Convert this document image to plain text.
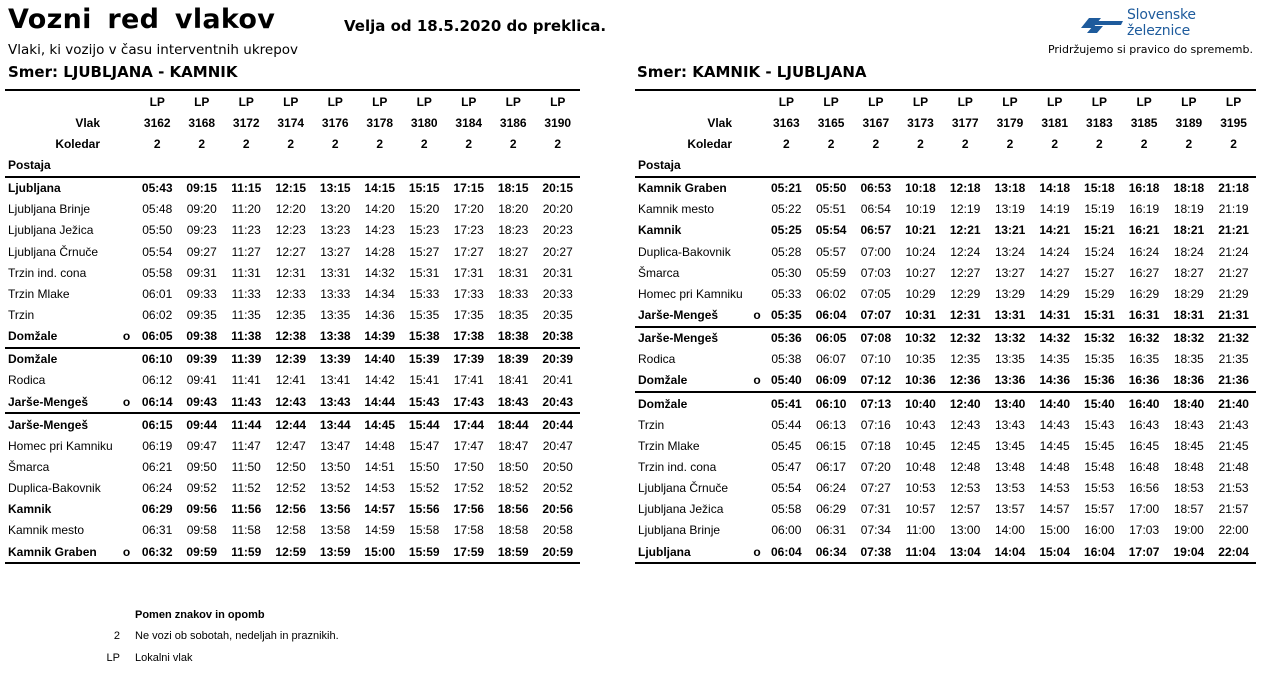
Vozni red vlakov	Velja od 18.5.2020 do preklica.
Vlaki, ki vozijo v času interventnih ukrepov
Slovenske železnice
Pridržujemo si pravico do sprememb.
Smer: LJUBLJANA - KAMNIK	Smer: KAMNIK - LJUBLJANA
		LP	LP	LP	LP	LP	LP	LP	LP	LP	LP
Vlak		3162	3168	3172	3174	3176	3178	3180	3184	3186	3190
Koledar		2	2	2	2	2	2	2	2	2	2
Postaja											
Ljubljana		05:43	09:15	11:15	12:15	13:15	14:15	15:15	17:15	18:15	20:15
Ljubljana Brinje		05:48	09:20	11:20	12:20	13:20	14:20	15:20	17:20	18:20	20:20
Ljubljana Ježica		05:50	09:23	11:23	12:23	13:23	14:23	15:23	17:23	18:23	20:23
Ljubljana Črnuče		05:54	09:27	11:27	12:27	13:27	14:28	15:27	17:27	18:27	20:27
Trzin ind. cona		05:58	09:31	11:31	12:31	13:31	14:32	15:31	17:31	18:31	20:31
Trzin Mlake		06:01	09:33	11:33	12:33	13:33	14:34	15:33	17:33	18:33	20:33
Trzin		06:02	09:35	11:35	12:35	13:35	14:36	15:35	17:35	18:35	20:35
Domžale	o	06:05	09:38	11:38	12:38	13:38	14:39	15:38	17:38	18:38	20:38
Domžale		06:10	09:39	11:39	12:39	13:39	14:40	15:39	17:39	18:39	20:39
Rodica		06:12	09:41	11:41	12:41	13:41	14:42	15:41	17:41	18:41	20:41
Jarše-Mengeš	o	06:14	09:43	11:43	12:43	13:43	14:44	15:43	17:43	18:43	20:43
Jarše-Mengeš		06:15	09:44	11:44	12:44	13:44	14:45	15:44	17:44	18:44	20:44
Homec pri Kamniku		06:19	09:47	11:47	12:47	13:47	14:48	15:47	17:47	18:47	20:47
Šmarca		06:21	09:50	11:50	12:50	13:50	14:51	15:50	17:50	18:50	20:50
Duplica-Bakovnik		06:24	09:52	11:52	12:52	13:52	14:53	15:52	17:52	18:52	20:52
Kamnik		06:29	09:56	11:56	12:56	13:56	14:57	15:56	17:56	18:56	20:56
Kamnik mesto		06:31	09:58	11:58	12:58	13:58	14:59	15:58	17:58	18:58	20:58
Kamnik Graben	o	06:32	09:59	11:59	12:59	13:59	15:00	15:59	17:59	18:59	20:59
		LP	LP	LP	LP	LP	LP	LP	LP	LP	LP	LP
Vlak		3163	3165	3167	3173	3177	3179	3181	3183	3185	3189	3195
Koledar		2	2	2	2	2	2	2	2	2	2	2
Postaja												
Kamnik Graben		05:21	05:50	06:53	10:18	12:18	13:18	14:18	15:18	16:18	18:18	21:18
Kamnik mesto		05:22	05:51	06:54	10:19	12:19	13:19	14:19	15:19	16:19	18:19	21:19
Kamnik		05:25	05:54	06:57	10:21	12:21	13:21	14:21	15:21	16:21	18:21	21:21
Duplica-Bakovnik		05:28	05:57	07:00	10:24	12:24	13:24	14:24	15:24	16:24	18:24	21:24
Šmarca		05:30	05:59	07:03	10:27	12:27	13:27	14:27	15:27	16:27	18:27	21:27
Homec pri Kamniku		05:33	06:02	07:05	10:29	12:29	13:29	14:29	15:29	16:29	18:29	21:29
Jarše-Mengeš	o	05:35	06:04	07:07	10:31	12:31	13:31	14:31	15:31	16:31	18:31	21:31
Jarše-Mengeš		05:36	06:05	07:08	10:32	12:32	13:32	14:32	15:32	16:32	18:32	21:32
Rodica		05:38	06:07	07:10	10:35	12:35	13:35	14:35	15:35	16:35	18:35	21:35
Domžale	o	05:40	06:09	07:12	10:36	12:36	13:36	14:36	15:36	16:36	18:36	21:36
Domžale		05:41	06:10	07:13	10:40	12:40	13:40	14:40	15:40	16:40	18:40	21:40
Trzin		05:44	06:13	07:16	10:43	12:43	13:43	14:43	15:43	16:43	18:43	21:43
Trzin Mlake		05:45	06:15	07:18	10:45	12:45	13:45	14:45	15:45	16:45	18:45	21:45
Trzin ind. cona		05:47	06:17	07:20	10:48	12:48	13:48	14:48	15:48	16:48	18:48	21:48
Ljubljana Črnuče		05:54	06:24	07:27	10:53	12:53	13:53	14:53	15:53	16:56	18:53	21:53
Ljubljana Ježica		05:58	06:29	07:31	10:57	12:57	13:57	14:57	15:57	17:00	18:57	21:57
Ljubljana Brinje		06:00	06:31	07:34	11:00	13:00	14:00	15:00	16:00	17:03	19:00	22:00
Ljubljana	o	06:04	06:34	07:38	11:04	13:04	14:04	15:04	16:04	17:07	19:04	22:04
Pomen znakov in opomb
2 Ne vozi ob sobotah, nedeljah in praznikih.
LP Lokalni vlak
